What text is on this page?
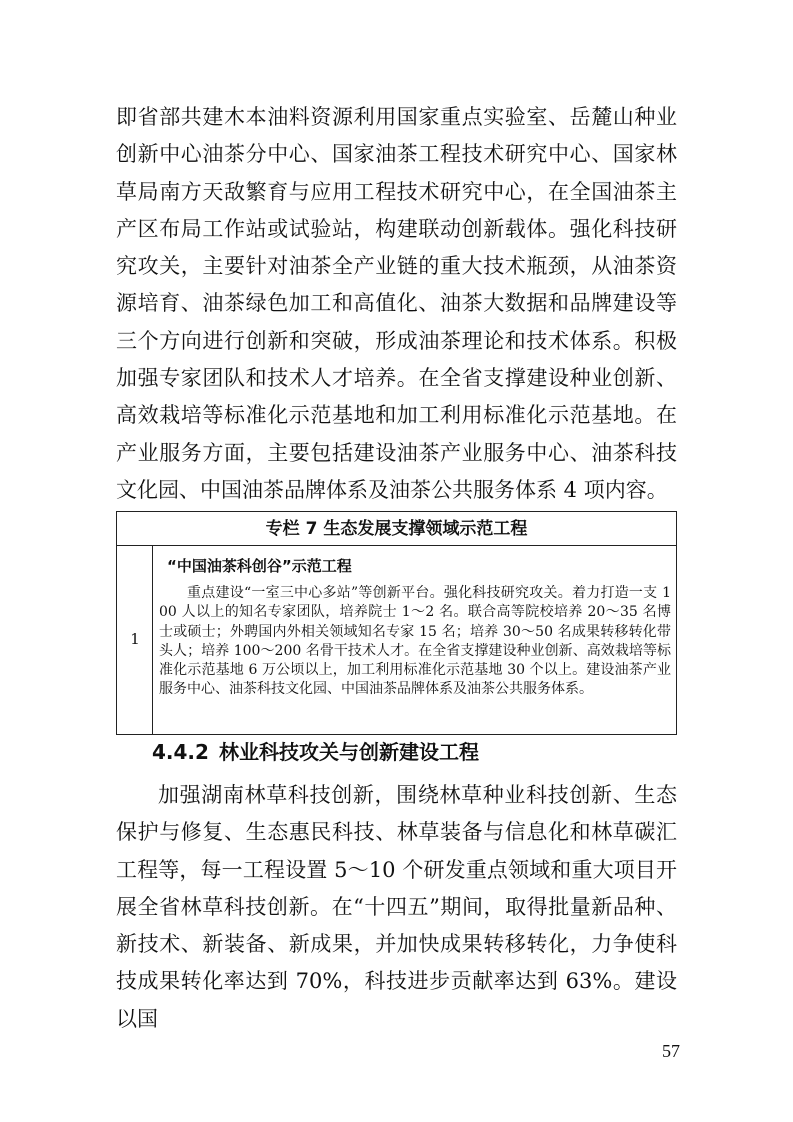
即省部共建木本油料资源利用国家重点实验室、岳麓山种业创新中心油茶分中心、国家油茶工程技术研究中心、国家林草局南方天敌繁育与应用工程技术研究中心，在全国油茶主产区布局工作站或试验站，构建联动创新载体。强化科技研究攻关，主要针对油茶全产业链的重大技术瓶颈，从油茶资源培育、油茶绿色加工和高值化、油茶大数据和品牌建设等三个方向进行创新和突破，形成油茶理论和技术体系。积极加强专家团队和技术人才培养。在全省支撑建设种业创新、高效栽培等标准化示范基地和加工利用标准化示范基地。在产业服务方面，主要包括建设油茶产业服务中心、油茶科技文化园、中国油茶品牌体系及油茶公共服务体系 4 项内容。

专栏 7 生态发展支撑领域示范工程
1
“中国油茶科创谷”示范工程

重点建设“一室三中心多站”等创新平台。强化科技研究攻关。着力打造一支 100 人以上的知名专家团队，培养院士 1～2 名。联合高等院校培养 20～35 名博士或硕士；外聘国内外相关领域知名专家 15 名；培养 30～50 名成果转移转化带头人；培养 100～200 名骨干技术人才。在全省支撑建设种业创新、高效栽培等标准化示范基地 6 万公顷以上，加工利用标准化示范基地 30 个以上。建设油茶产业服务中心、油茶科技文化园、中国油茶品牌体系及油茶公共服务体系。

4.4.2 林业科技攻关与创新建设工程

加强湖南林草科技创新，围绕林草种业科技创新、生态保护与修复、生态惠民科技、林草装备与信息化和林草碳汇工程等，每一工程设置 5～10 个研发重点领域和重大项目开展全省林草科技创新。在“十四五”期间，取得批量新品种、新技术、新装备、新成果，并加快成果转移转化，力争使科技成果转化率达到 70%，科技进步贡献率达到 63%。建设以国

57
